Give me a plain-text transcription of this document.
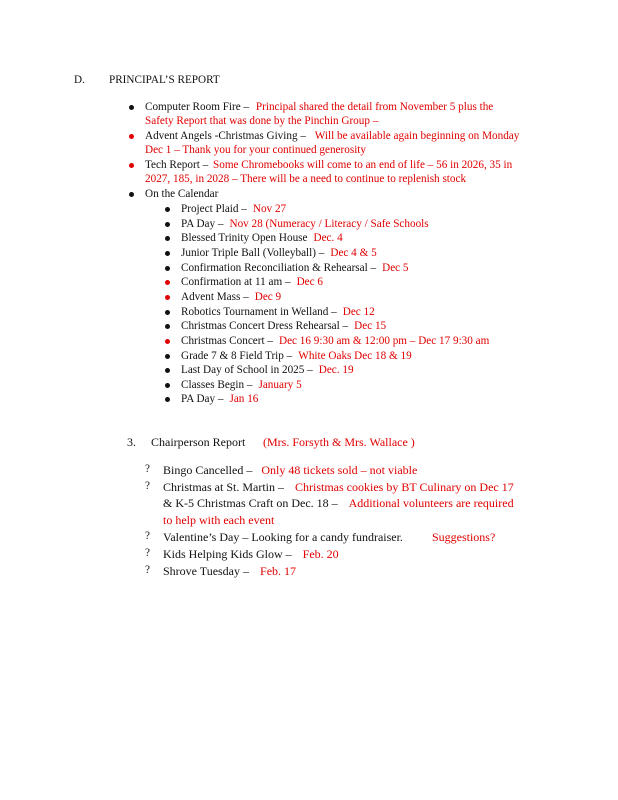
D. PRINCIPAL’S REPORT
Computer Room Fire – Principal shared the detail from November 5 plus the
Safety Report that was done by the Pinchin Group –
Advent Angels -Christmas Giving – Will be available again beginning on Monday
Dec 1 – Thank you for your continued generosity
Tech Report – Some Chromebooks will come to an end of life – 56 in 2026, 35 in
2027, 185, in 2028 – There will be a need to continue to replenish stock
On the Calendar
Project Plaid – Nov 27
PA Day – Nov 28 (Numeracy / Literacy / Safe Schools
Blessed Trinity Open House Dec. 4
Junior Triple Ball (Volleyball) – Dec 4 & 5
Confirmation Reconciliation & Rehearsal – Dec 5
Confirmation at 11 am – Dec 6
Advent Mass – Dec 9
Robotics Tournament in Welland – Dec 12
Christmas Concert Dress Rehearsal – Dec 15
Christmas Concert – Dec 16 9:30 am & 12:00 pm – Dec 17 9:30 am
Grade 7 & 8 Field Trip – White Oaks Dec 18 & 19
Last Day of School in 2025 – Dec. 19
Classes Begin – January 5
PA Day – Jan 16
3. Chairperson Report (Mrs. Forsyth & Mrs. Wallace )
? Bingo Cancelled – Only 48 tickets sold – not viable
? Christmas at St. Martin – Christmas cookies by BT Culinary on Dec 17
& K-5 Christmas Craft on Dec. 18 – Additional volunteers are required
to help with each event
? Valentine’s Day – Looking for a candy fundraiser. Suggestions?
? Kids Helping Kids Glow – Feb. 20
? Shrove Tuesday – Feb. 17
